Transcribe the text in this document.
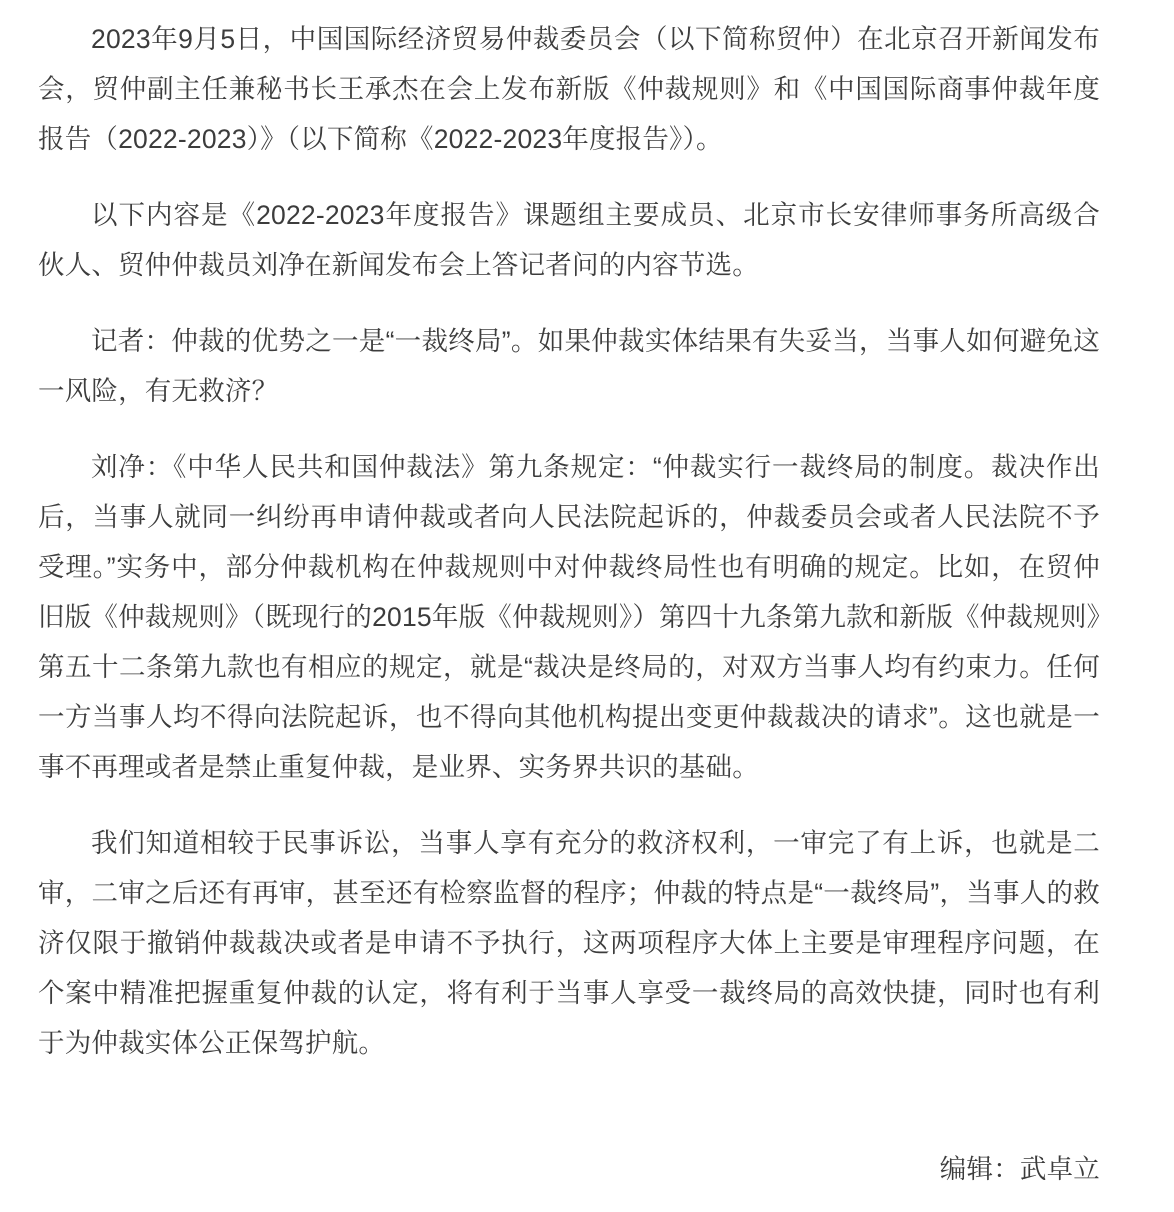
2023年9月5日，中国国际经济贸易仲裁委员会（以下简称贸仲）在北京召开新闻发布会，贸仲副主任兼秘书长王承杰在会上发布新版《仲裁规则》和《中国国际商事仲裁年度报告（2022-2023）》（以下简称《2022-2023年度报告》）。

以下内容是《2022-2023年度报告》课题组主要成员、北京市长安律师事务所高级合伙人、贸仲仲裁员刘净在新闻发布会上答记者问的内容节选。

记者：仲裁的优势之一是“一裁终局”。如果仲裁实体结果有失妥当，当事人如何避免这一风险，有无救济？

刘净：《中华人民共和国仲裁法》第九条规定：“仲裁实行一裁终局的制度。裁决作出后，当事人就同一纠纷再申请仲裁或者向人民法院起诉的，仲裁委员会或者人民法院不予受理。”实务中，部分仲裁机构在仲裁规则中对仲裁终局性也有明确的规定。比如，在贸仲旧版《仲裁规则》（既现行的2015年版《仲裁规则》）第四十九条第九款和新版《仲裁规则》第五十二条第九款也有相应的规定，就是“裁决是终局的，对双方当事人均有约束力。任何一方当事人均不得向法院起诉，也不得向其他机构提出变更仲裁裁决的请求”。这也就是一事不再理或者是禁止重复仲裁，是业界、实务界共识的基础。

我们知道相较于民事诉讼，当事人享有充分的救济权利，一审完了有上诉，也就是二审，二审之后还有再审，甚至还有检察监督的程序；仲裁的特点是“一裁终局”，当事人的救济仅限于撤销仲裁裁决或者是申请不予执行，这两项程序大体上主要是审理程序问题，在个案中精准把握重复仲裁的认定，将有利于当事人享受一裁终局的高效快捷，同时也有利于为仲裁实体公正保驾护航。

编辑：武卓立
